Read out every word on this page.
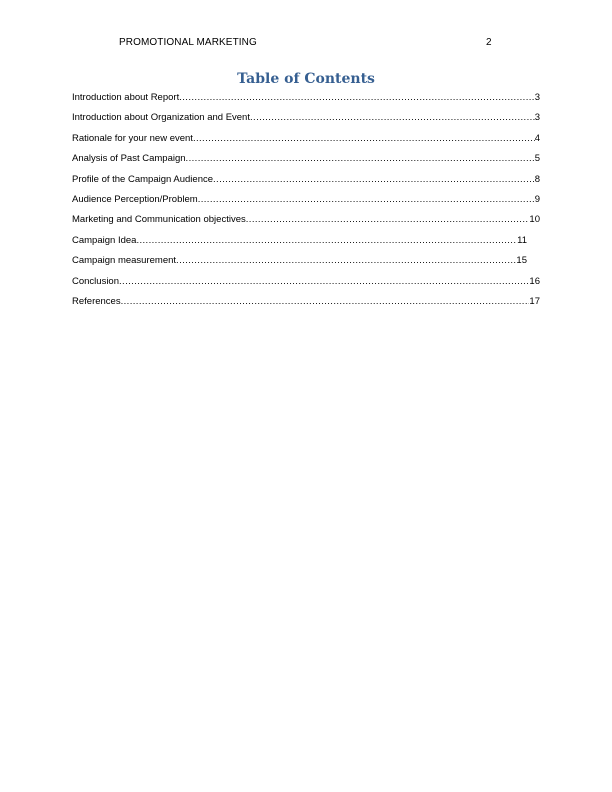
PROMOTIONAL MARKETING	2
Table of Contents
Introduction about Report .....	3
Introduction about Organization and Event .....	3
Rationale for your new event .....	4
Analysis of Past Campaign .....	5
Profile of the Campaign Audience .....	8
Audience Perception/Problem .....	9
Marketing and Communication objectives .....	10
Campaign Idea .....	11
Campaign measurement .....	15
Conclusion .....	16
References .....	17
